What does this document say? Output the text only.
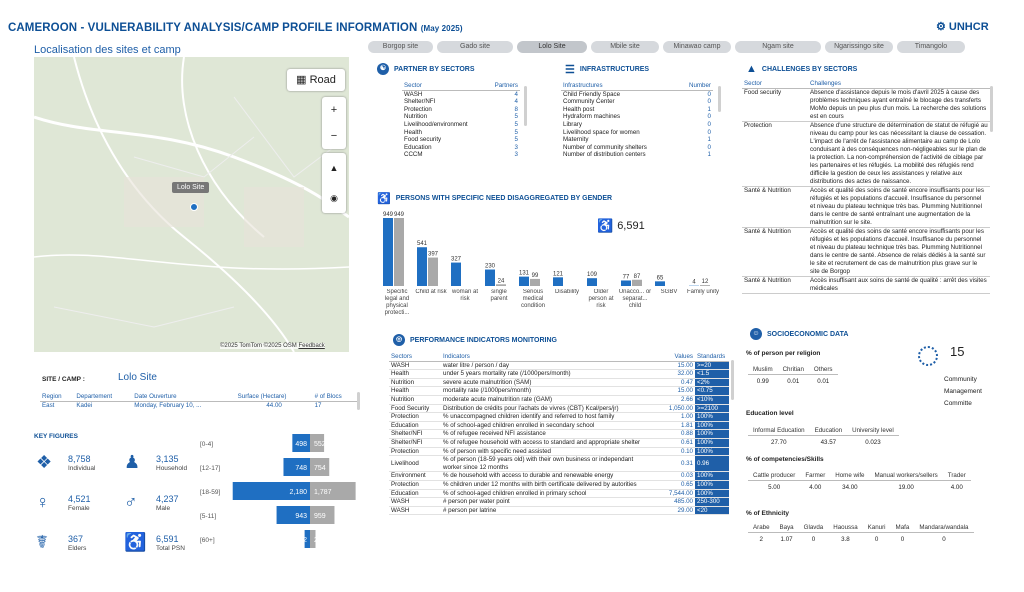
CAMEROON - VULNERABILITY ANALYSIS/CAMP PROFILE INFORMATION (May 2025)	⚙ UNHCR
Localisation des sites et camp	Borgop site	Gado site	Lolo Site	Mbile site	Minawao camp	Ngam site	Ngarissingo site	Timangolo
▦ Road
+
−
▲
◉
Lolo Site
©2025 TomTom ©2025 OSM Feedback
SITE / CAMP :	Lolo Site
Region	Departement	Date Ouverture	Surface (Hectare)	# of Blocs
East	Kadei	Monday, February 10, ...	44.00	17
KEY FIGURES
❖ 8,758
Individual ♟ 3,135
Household
♀ 4,521
Female ♂ 4,237
Male
☤ 367
Elders ♿ 6,591
Total PSN
[0-4]	498 552
[12-17]	748 754
[18-59]	2,180 1,787
[5-11]	943 959
[60+]	152 215
☯	PARTNER BY SECTORS
Sector	Partners
WASH	4
Shelter/NFI	4
Protection	8
Nutrition	5
Livelihood/environment	5
Health	5
Food security	5
Education	3
CCCM	3
☰ INFRASTRUCTURES
Infrastructures	Number
Child Friendly Space	0
Community Center	0
Health post	1
Hydraform machines	0
Library	0
Livelihood space for women	0
Maternity	1
Number of community shelters	0
Number of distribution centers	1
▲ CHALLENGES BY SECTORS
Sector	Challenges
Food security	Absence d'assistance depuis le mois d'avril 2025 à cause des problèmes techniques ayant entraîné le blocage des transferts MoMo depuis un peu plus d'un mois. La recherche des solutions est en cours
Protection	Absence d'une structure de détermination de statut de réfugié au niveau du camp pour les cas nécessitant la clause de cessation. L'impact de l'arrêt de l'assistance alimentaire au camp de Lolo conduisant à des conséquences non-négligeables sur le plan de la protection. La non-compréhension de l'activité de ciblage par les partenaires et les réfugiés. La mobilité des réfugiés rend difficile la gestion de ceux les assistances y relative aux distributions des actes de naissance.
Santé & Nutrition	Accès et qualité des soins de santé encore insuffisants pour les réfugiés et les populations d'accueil. Insuffisance du personnel et niveau du plateau technique très bas. Plumming Nutritionnel dans le centre de santé entraînant une augmentation de la malnutrition sur le site.
Santé & Nutrition	Accès et qualité des soins de santé encore insuffisants pour les réfugiés et les populations d'accueil. Insuffisance du personnel et niveau du plateau technique très bas. Plumming Nutritionnel dans le centre de santé. Absence de relais dédiés à la santé sur le site et recrutement de cas de malnutrition plus grave sur le site de Borgop
Santé & Nutrition	Accès insuffisant aux soins de santé de qualité : arrêt des visites médicales
♿ PERSONS WITH SPECIFIC NEED DISAGGREGATED BY GENDER
♿ 6,591
949 949
Specific legal and physical protecti...
541
397
Child at risk
327
woman at risk
230
24
single parent
131 99
Serious medical condition
121
Disability
109
Older person at risk
77 87
Unacco... or separat... child
65
SGBV
4 12
Family unity
◎	PERFORMANCE INDICATORS MONITORING
Sectors	Indicators	Values	Standards
WASH	water litre / person / day	15.00	>=20
Health	under 5 years mortality rate (/1000pers/month)	32.00	<1.5
Nutrition	severe acute malnutrition (SAM)	0.47	<2%
Health	mortality rate (/1000pers/month)	15.00	<0.75
Nutrition	moderate acute malnutrition rate (GAM)	2.66	<10%
Food Security	Distribution de crédits pour l'achats de vivres (CBT) Kcal/pers/jr)	1,050.00	>=2100
Protection	% unaccompagned children identify and referred to host family	1.00	100%
Education	% of school-aged children enrolled in secondary school	1.81	100%
Shelter/NFI	% of refugee received NFI assistance	0.88	100%
Shelter/NFI	% of refugee household with access to standard and appropriate shelter	0.61	100%
Protection	% of person with specific need assisted	0.10	100%
Livelihood	% of person (18-59 years old) with their own business or independant worker since 12 months	0.31	0.96
Environment	% de household with access to durable and renewable energy	0.03	100%
Protection	% children under 12 months with birth certificate delivered by autorities	0.65	100%
Education	% of school-aged children enrolled in primary school	7,544.00	100%
WASH	# person per water point	485.00	250-300
WASH	# person per latrine	29.00	<20
☺	SOCIOECONOMIC DATA
15
Community Management Committe
% of person per religion
Muslim	Chritian	Others
0.99	0.01	0.01
Education level
Informal Education	Education	University level
27.70	43.57	0.023
% of competencies/Skills
Cattle producer	Farmer	Home wife	Manual workers/sellers	Trader
5.00	4.00	34.00	19.00	4.00
% of Ethnicity
Arabe	Baya	Glavda	Haoussa	Kanuri	Mafa	Mandara/wandala
2	1.07	0	3.8	0	0	0
